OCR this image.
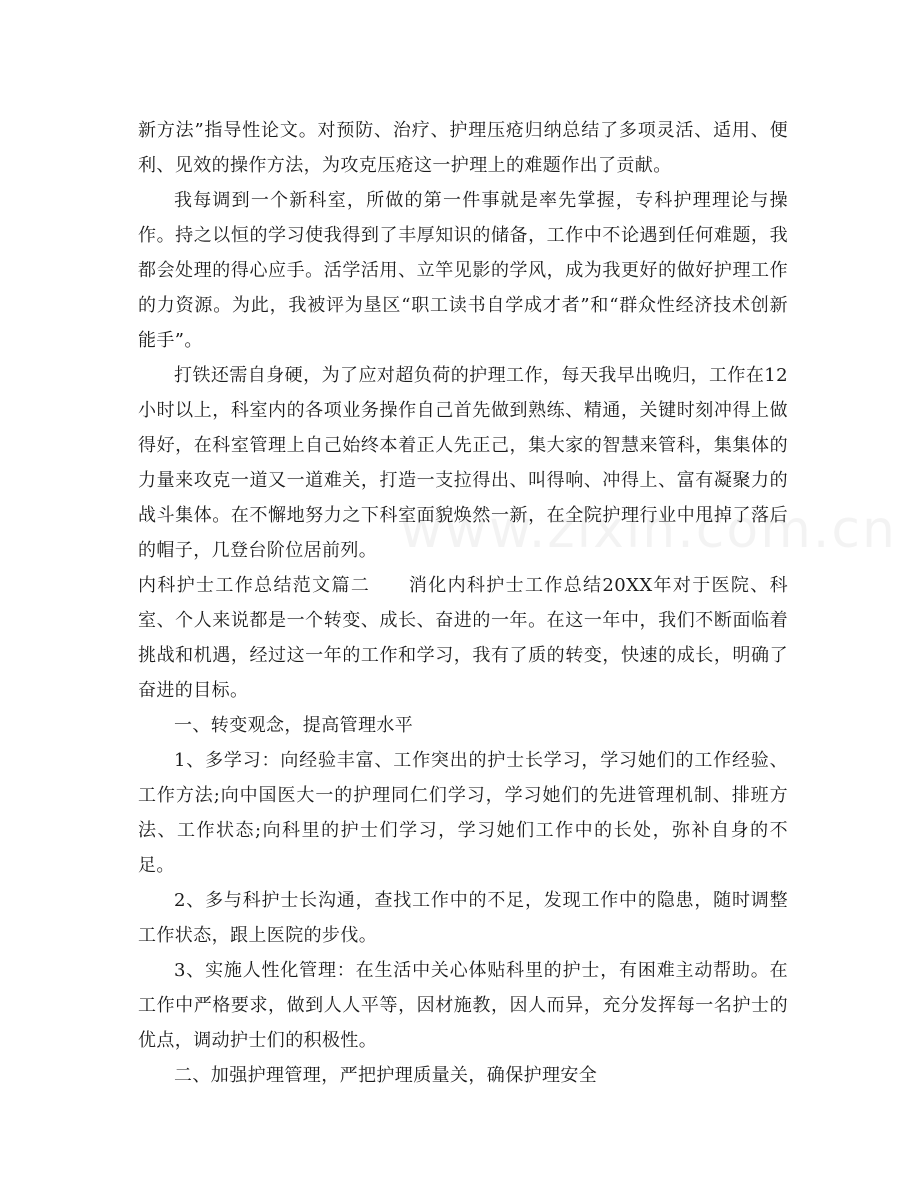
新方法”指导性论文。对预防、治疗、护理压疮归纳总结了多项灵活、适用、便利、见效的操作方法，为攻克压疮这一护理上的难题作出了贡献。

我每调到一个新科室，所做的第一件事就是率先掌握，专科护理理论与操作。持之以恒的学习使我得到了丰厚知识的储备，工作中不论遇到任何难题，我都会处理的得心应手。活学活用、立竿见影的学风，成为我更好的做好护理工作的力资源。为此，我被评为垦区“职工读书自学成才者”和“群众性经济技术创新能手”。

打铁还需自身硬，为了应对超负荷的护理工作，每天我早出晚归，工作在12小时以上，科室内的各项业务操作自己首先做到熟练、精通，关键时刻冲得上做得好，在科室管理上自己始终本着正人先正己，集大家的智慧来管科，集集体的力量来攻克一道又一道难关，打造一支拉得出、叫得响、冲得上、富有凝聚力的战斗集体。在不懈地努力之下科室面貌焕然一新，在全院护理行业中甩掉了落后的帽子，几登台阶位居前列。

内科护士工作总结范文篇二　　消化内科护士工作总结20XX年对于医院、科室、个人来说都是一个转变、成长、奋进的一年。在这一年中，我们不断面临着挑战和机遇，经过这一年的工作和学习，我有了质的转变，快速的成长，明确了奋进的目标。

一、转变观念，提高管理水平

1、多学习：向经验丰富、工作突出的护士长学习，学习她们的工作经验、工作方法;向中国医大一的护理同仁们学习，学习她们的先进管理机制、排班方法、工作状态;向科里的护士们学习，学习她们工作中的长处，弥补自身的不足。

2、多与科护士长沟通，查找工作中的不足，发现工作中的隐患，随时调整工作状态，跟上医院的步伐。

3、实施人性化管理：在生活中关心体贴科里的护士，有困难主动帮助。在工作中严格要求，做到人人平等，因材施教，因人而异，充分发挥每一名护士的优点，调动护士们的积极性。

二、加强护理管理，严把护理质量关，确保护理安全
